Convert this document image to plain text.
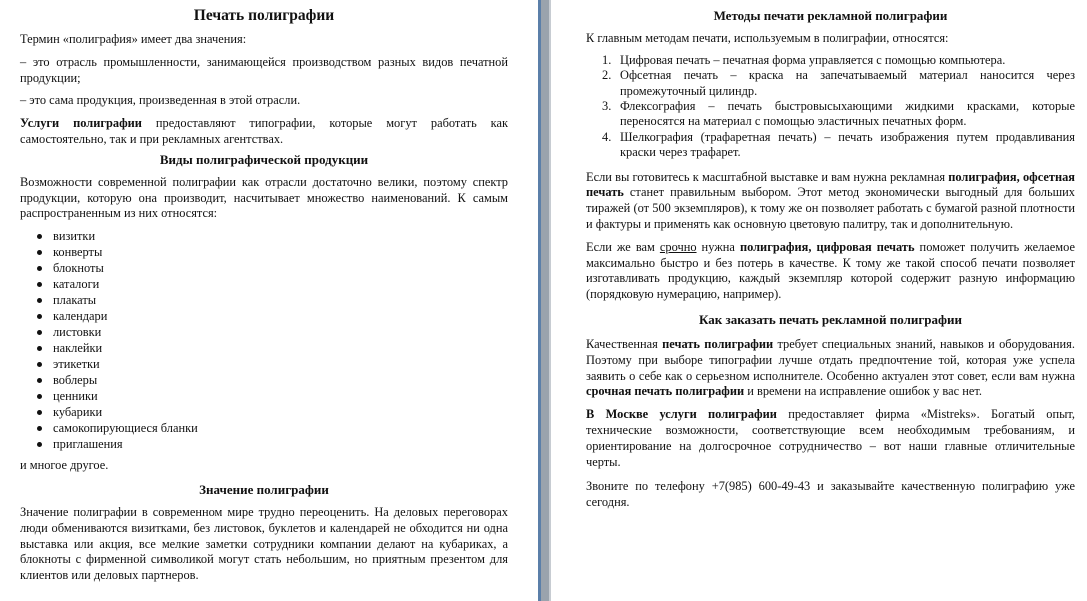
Печать полиграфии

Термин «полиграфия» имеет два значения:

– это отрасль промышленности, занимающейся производством разных видов печатной продукции;

– это сама продукция, произведенная в этой отрасли.

Услуги полиграфии предоставляют типографии, которые могут работать как самостоятельно, так и при рекламных агентствах.

Виды полиграфической продукции

Возможности современной полиграфии как отрасли достаточно велики, поэтому спектр продукции, которую она производит, насчитывает множество наименований. К самым распространенным из них относятся:

визитки
конверты
блокноты
каталоги
плакаты
календари
листовки
наклейки
этикетки
воблеры
ценники
кубарики
самокопирующиеся бланки
приглашения

и многое другое.

Значение полиграфии

Значение полиграфии в современном мире трудно переоценить. На деловых переговорах люди обмениваются визитками, без листовок, буклетов и календарей не обходится ни одна выставка или акция, все мелкие заметки сотрудники компании делают на кубариках, а блокноты с фирменной символикой могут стать небольшим, но приятным презентом для клиентов или деловых партнеров.

Методы печати рекламной полиграфии

К главным методам печати, используемым в полиграфии, относятся:

1. Цифровая печать – печатная форма управляется с помощью компьютера.
2. Офсетная печать – краска на запечатываемый материал наносится через промежуточный цилиндр.
3. Флексография – печать быстровысыхающими жидкими красками, которые переносятся на материал с помощью эластичных печатных форм.
4. Шелкография (трафаретная печать) – печать изображения путем продавливания краски через трафарет.

Если вы готовитесь к масштабной выставке и вам нужна рекламная полиграфия, офсетная печать станет правильным выбором. Этот метод экономически выгодный для больших тиражей (от 500 экземпляров), к тому же он позволяет работать с бумагой разной плотности и фактуры и применять как основную цветовую палитру, так и дополнительную.

Если же вам срочно нужна полиграфия, цифровая печать поможет получить желаемое максимально быстро и без потерь в качестве. К тому же такой способ печати позволяет изготавливать продукцию, каждый экземпляр которой содержит разную информацию (порядковую нумерацию, например).

Как заказать печать рекламной полиграфии

Качественная печать полиграфии требует специальных знаний, навыков и оборудования. Поэтому при выборе типографии лучше отдать предпочтение той, которая уже успела заявить о себе как о серьезном исполнителе. Особенно актуален этот совет, если вам нужна срочная печать полиграфии и времени на исправление ошибок у вас нет.

В Москве услуги полиграфии предоставляет фирма «Mistreks». Богатый опыт, технические возможности, соответствующие всем необходимым требованиям, и ориентирование на долгосрочное сотрудничество – вот наши главные отличительные черты.

Звоните по телефону +7(985) 600-49-43 и заказывайте качественную полиграфию уже сегодня.
